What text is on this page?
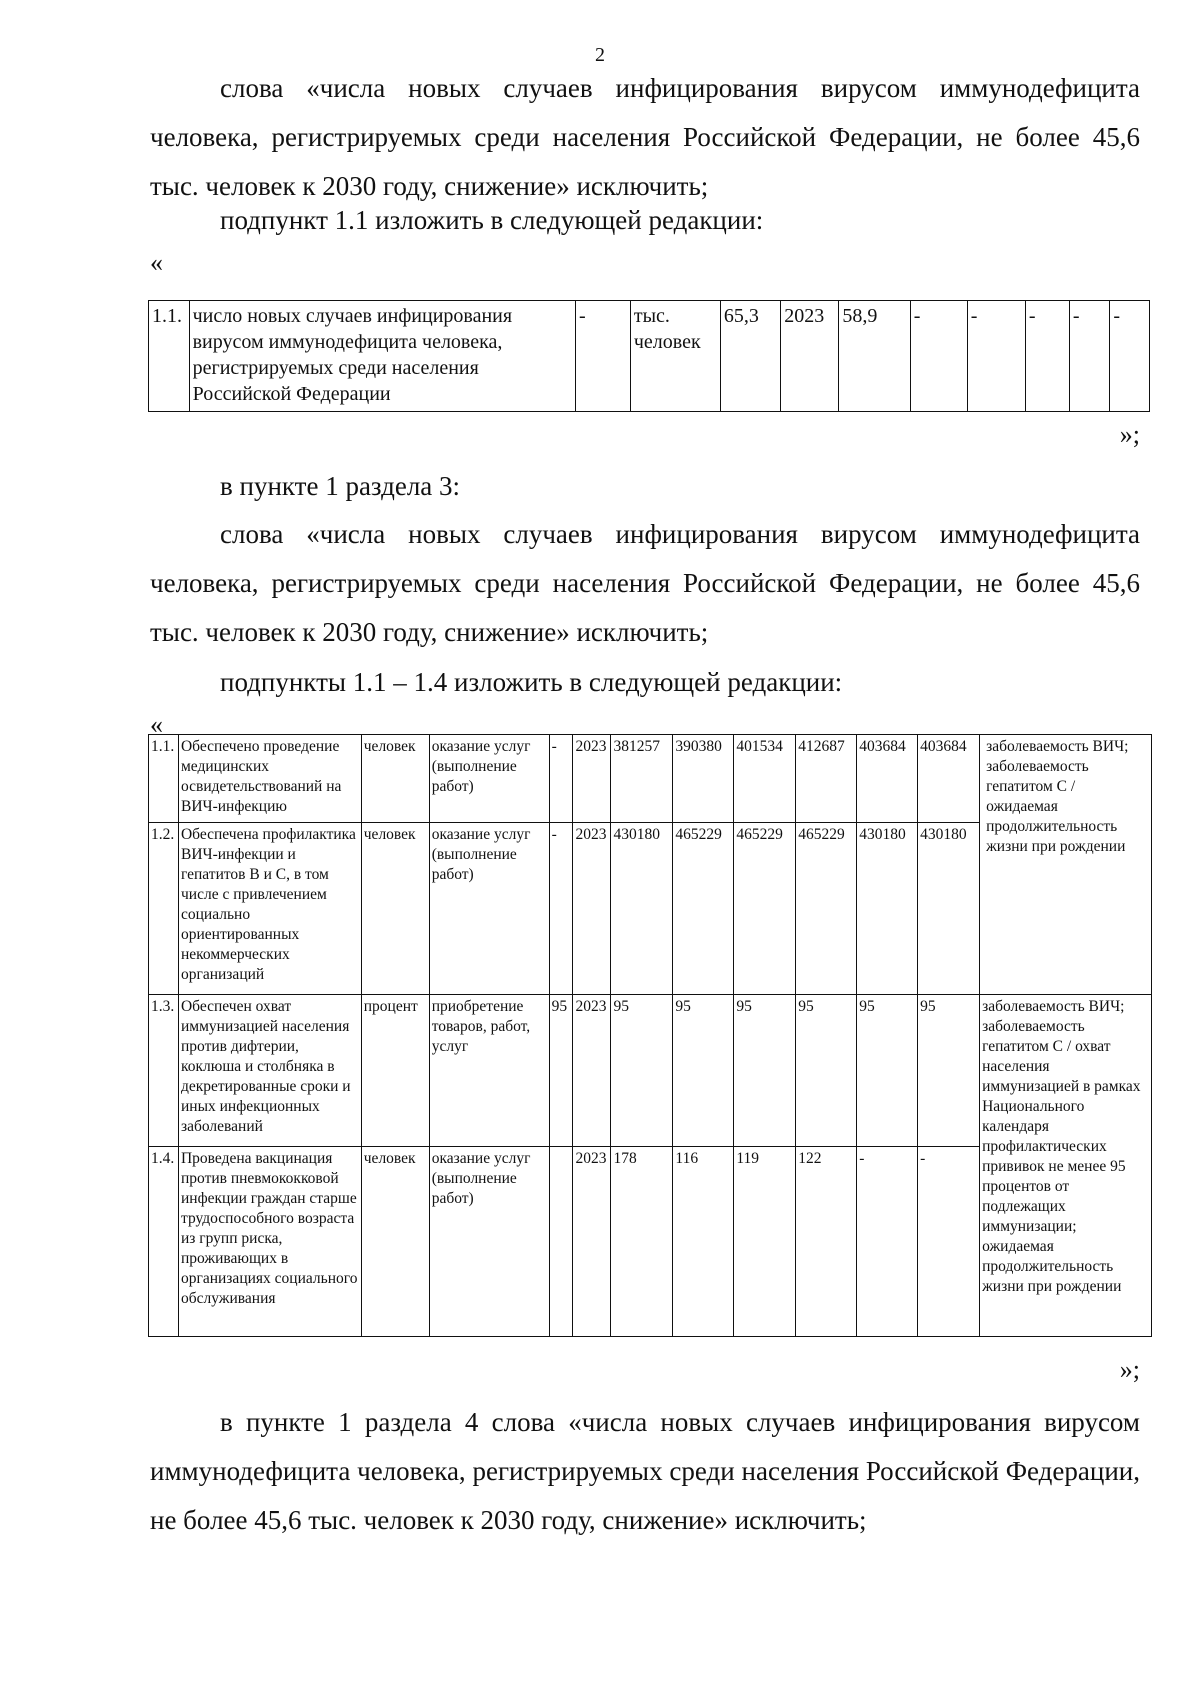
2

слова «числа новых случаев инфицирования вирусом иммунодефицита человека, регистрируемых среди населения Российской Федерации, не более 45,6 тыс. человек к 2030 году, снижение» исключить;

подпункт 1.1 изложить в следующей редакции:

«
1.1.	число новых случаев инфицирования вирусом иммунодефицита человека, регистрируемых среди населения Российской Федерации	-	тыс. человек	65,3	2023	58,9	-	-	-	-	-
»;

в пункте 1 раздела 3:

слова «числа новых случаев инфицирования вирусом иммунодефицита человека, регистрируемых среди населения Российской Федерации, не более 45,6 тыс. человек к 2030 году, снижение» исключить;

подпункты 1.1 – 1.4 изложить в следующей редакции:

«
1.1.	Обеспечено проведение медицинских освидетельствований на ВИЧ-инфекцию	человек	оказание услуг (выполнение работ)	-	2023	381257	390380	401534	412687	403684	403684	заболеваемость ВИЧ; заболеваемость гепатитом С / ожидаемая продолжительность жизни при рождении
1.2.	Обеспечена профилактика ВИЧ-инфекции и гепатитов В и С, в том числе с привлечением социально ориентированных некоммерческих организаций	человек	оказание услуг (выполнение работ)	-	2023	430180	465229	465229	465229	430180	430180	
1.3.	Обеспечен охват иммунизацией населения против дифтерии, коклюша и столбняка в декретированные сроки и иных инфекционных заболеваний	процент	приобретение товаров, работ, услуг	95	2023	95	95	95	95	95	95	заболеваемость ВИЧ; заболеваемость гепатитом С / охват населения иммунизацией в рамках Национального календаря профилактических прививок не менее 95 процентов от подлежащих иммунизации; ожидаемая продолжительность жизни при рождении
1.4.	Проведена вакцинация против пневмококковой инфекции граждан старше трудоспособного возраста из групп риска, проживающих в организациях социального обслуживания	человек	оказание услуг (выполнение работ)		2023	178	116	119	122	-	-	
»;

в пункте 1 раздела 4 слова «числа новых случаев инфицирования вирусом иммунодефицита человека, регистрируемых среди населения Российской Федерации, не более 45,6 тыс. человек к 2030 году, снижение» исключить;
